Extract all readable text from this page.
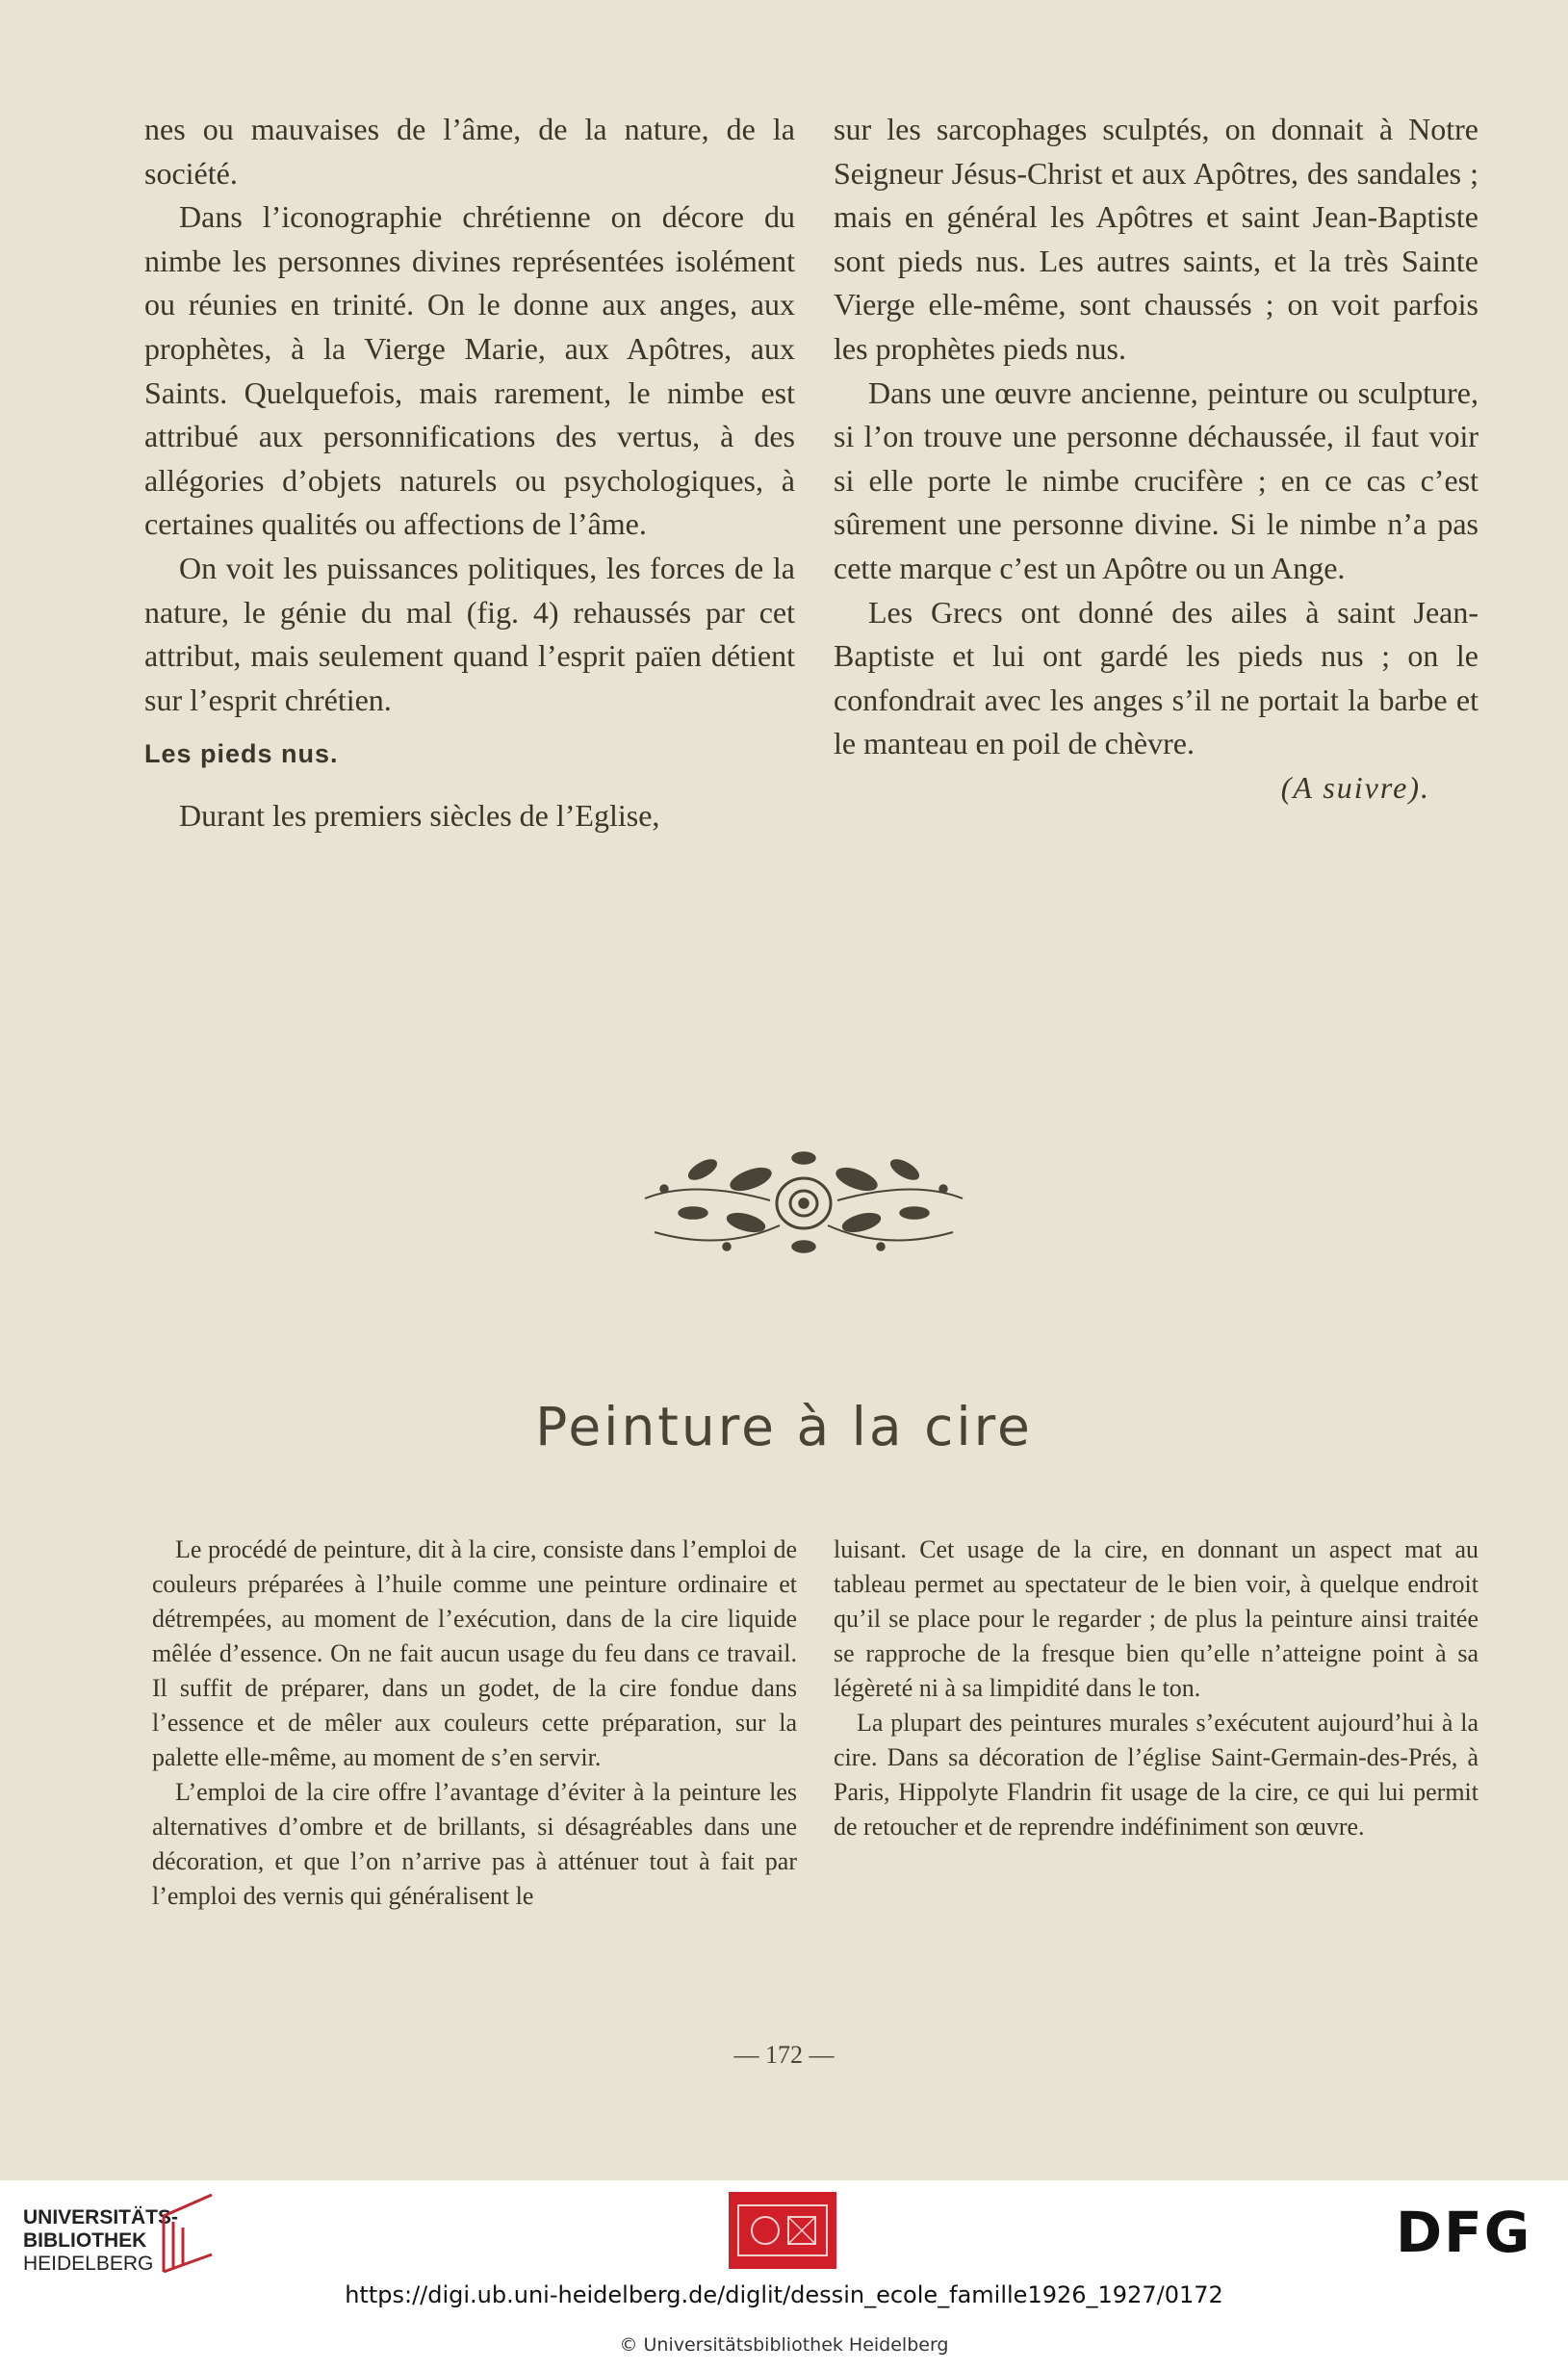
nes ou mauvaises de l’âme, de la nature, de la société.

Dans l’iconographie chrétienne on décore du nimbe les personnes divines représentées isolément ou réunies en trinité. On le donne aux anges, aux prophètes, à la Vierge Marie, aux Apôtres, aux Saints. Quelquefois, mais rarement, le nimbe est attribué aux personnifications des vertus, à des allégories d’objets naturels ou psychologiques, à certaines qualités ou affections de l’âme.

On voit les puissances politiques, les forces de la nature, le génie du mal (fig. 4) rehaussés par cet attribut, mais seulement quand l’esprit païen détient sur l’esprit chrétien.

Les pieds nus.

Durant les premiers siècles de l’Eglise,

sur les sarcophages sculptés, on donnait à Notre Seigneur Jésus-Christ et aux Apôtres, des sandales ; mais en général les Apôtres et saint Jean-Baptiste sont pieds nus. Les autres saints, et la très Sainte Vierge elle-même, sont chaussés ; on voit parfois les prophètes pieds nus.

Dans une œuvre ancienne, peinture ou sculpture, si l’on trouve une personne déchaussée, il faut voir si elle porte le nimbe crucifère ; en ce cas c’est sûrement une personne divine. Si le nimbe n’a pas cette marque c’est un Apôtre ou un Ange.

Les Grecs ont donné des ailes à saint Jean-Baptiste et lui ont gardé les pieds nus ; on le confondrait avec les anges s’il ne portait la barbe et le manteau en poil de chèvre.

(A suivre).
Peinture à la cire

Le procédé de peinture, dit à la cire, consiste dans l’emploi de couleurs préparées à l’huile comme une peinture ordinaire et détrempées, au moment de l’exécution, dans de la cire liquide mêlée d’essence. On ne fait aucun usage du feu dans ce travail. Il suffit de préparer, dans un godet, de la cire fondue dans l’essence et de mêler aux couleurs cette préparation, sur la palette elle-même, au moment de s’en servir.

L’emploi de la cire offre l’avantage d’éviter à la peinture les alternatives d’ombre et de brillants, si désagréables dans une décoration, et que l’on n’arrive pas à atténuer tout à fait par l’emploi des vernis qui généralisent le

luisant. Cet usage de la cire, en donnant un aspect mat au tableau permet au spectateur de le bien voir, à quelque endroit qu’il se place pour le regarder ; de plus la peinture ainsi traitée se rapproche de la fresque bien qu’elle n’atteigne point à sa légèreté ni à sa limpidité dans le ton.

La plupart des peintures murales s’exécutent aujourd’hui à la cire. Dans sa décoration de l’église Saint-Germain-des-Prés, à Paris, Hippolyte Flandrin fit usage de la cire, ce qui lui permit de retoucher et de reprendre indéfiniment son œuvre.

— 172 —
UNIVERSITÄTS-
BIBLIOTHEK
HEIDELBERG	DFG
https://digi.ub.uni-heidelberg.de/diglit/dessin_ecole_famille1926_1927/0172
© Universitätsbibliothek Heidelberg
